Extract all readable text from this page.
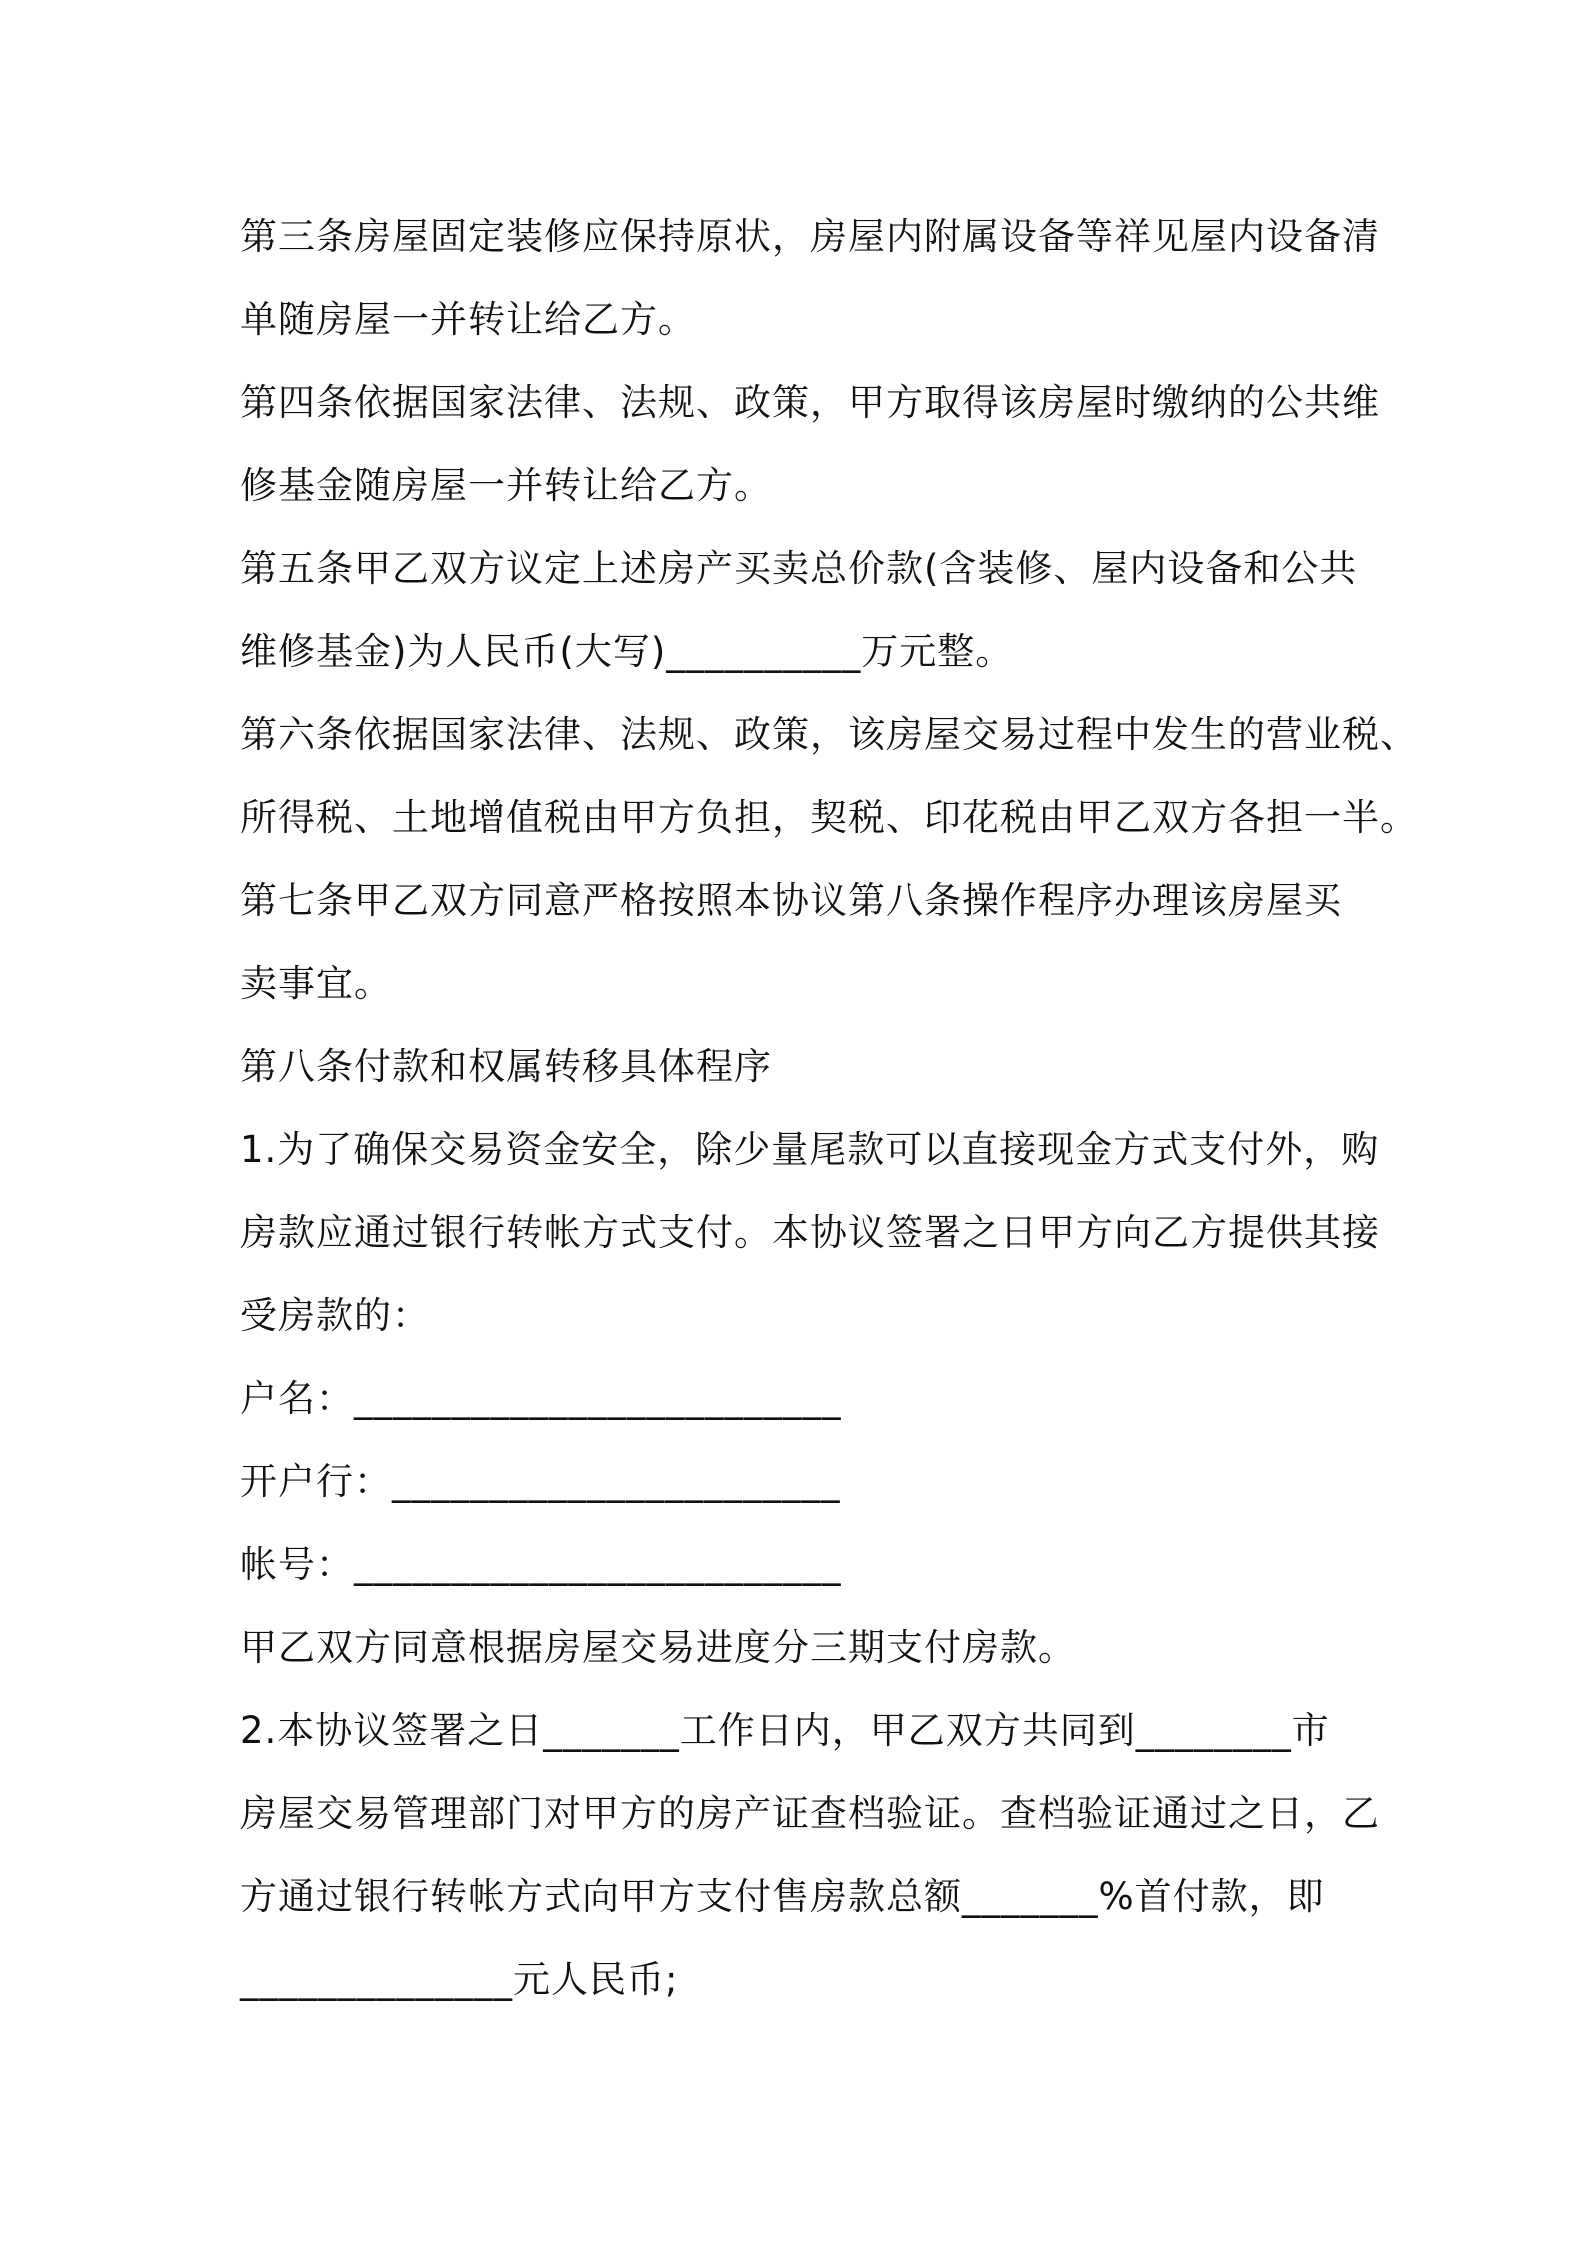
第三条房屋固定装修应保持原状，房屋内附属设备等祥见屋内设备清
单随房屋一并转让给乙方。
第四条依据国家法律、法规、政策，甲方取得该房屋时缴纳的公共维
修基金随房屋一并转让给乙方。
第五条甲乙双方议定上述房产买卖总价款(含装修、屋内设备和公共
维修基金)为人民币(大写)__________万元整。
第六条依据国家法律、法规、政策，该房屋交易过程中发生的营业税、
所得税、土地增值税由甲方负担，契税、印花税由甲乙双方各担一半。
第七条甲乙双方同意严格按照本协议第八条操作程序办理该房屋买
卖事宜。
第八条付款和权属转移具体程序
1.为了确保交易资金安全，除少量尾款可以直接现金方式支付外，购
房款应通过银行转帐方式支付。本协议签署之日甲方向乙方提供其接
受房款的：
户名：_________________________
开户行：_______________________
帐号：_________________________
甲乙双方同意根据房屋交易进度分三期支付房款。
2.本协议签署之日_______工作日内，甲乙双方共同到________市
房屋交易管理部门对甲方的房产证查档验证。查档验证通过之日，乙
方通过银行转帐方式向甲方支付售房款总额_______%首付款，即
______________元人民币;
